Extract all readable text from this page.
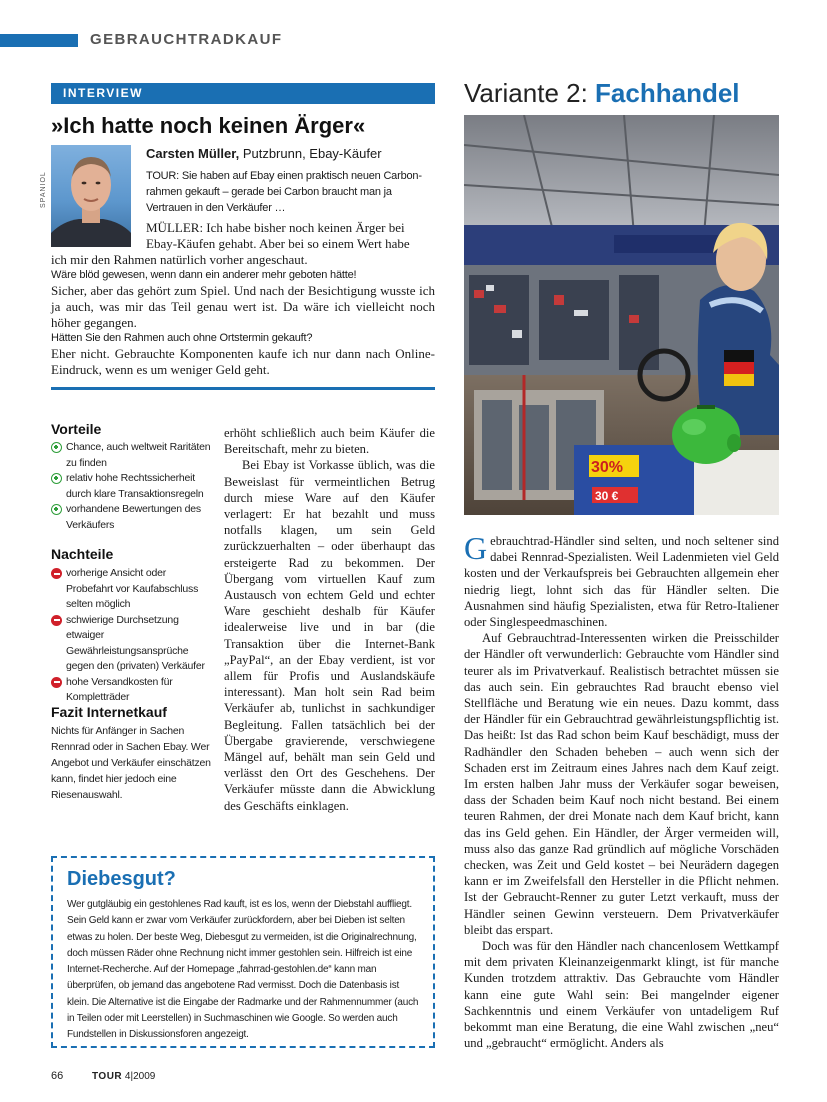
GEBRAUCHTRADKAUF
INTERVIEW
»Ich hatte noch keinen Ärger«
SPANIOL
Carsten Müller, Putzbrunn, Ebay-Käufer
TOUR: Sie haben auf Ebay einen praktisch neuen Carbon-rahmen gekauft – gerade bei Carbon braucht man ja Vertrauen in den Verkäufer …
MÜLLER: Ich habe bisher noch keinen Ärger bei Ebay-Käufen gehabt. Aber bei so einem Wert habe
ich mir den Rahmen natürlich vorher angeschaut.
Wäre blöd gewesen, wenn dann ein anderer mehr geboten hätte!
Sicher, aber das gehört zum Spiel. Und nach der Besichtigung wusste ich ja auch, was mir das Teil genau wert ist. Da wäre ich vielleicht noch höher gegangen.
Hätten Sie den Rahmen auch ohne Ortstermin gekauft?
Eher nicht. Gebrauchte Komponenten kaufe ich nur dann nach Online-Eindruck, wenn es um weniger Geld geht.
Vorteile
Chance, auch weltweit Raritäten zu finden
relativ hohe Rechtssicherheit durch klare Transaktionsregeln
vorhandene Bewertungen des Verkäufers
Nachteile
vorherige Ansicht oder Probefahrt vor Kaufabschluss selten möglich
schwierige Durchsetzung etwaiger Gewährleistungsansprüche gegen den (privaten) Verkäufer
hohe Versandkosten für Kompletträder
Fazit Internetkauf
Nichts für Anfänger in Sachen Rennrad oder in Sachen Ebay. Wer Angebot und Verkäufer einschätzen kann, findet hier jedoch eine Riesenauswahl.

erhöht schließlich auch beim Käufer die Bereitschaft, mehr zu bieten.

Bei Ebay ist Vorkasse üblich, was die Beweislast für vermeintlichen Betrug durch miese Ware auf den Käufer verlagert: Er hat bezahlt und muss notfalls klagen, um sein Geld zurückzuerhalten – oder überhaupt das ersteigerte Rad zu bekommen. Der Übergang vom virtuellen Kauf zum Austausch von echtem Geld und echter Ware geschieht deshalb für Käufer idealerweise live und in bar (die Transaktion über die Internet-Bank „PayPal“, an der Ebay verdient, ist vor allem für Profis und Auslandskäufe interessant). Man holt sein Rad beim Verkäufer ab, tunlichst in sachkundiger Begleitung. Fallen tatsächlich bei der Übergabe gravierende, verschwiegene Mängel auf, behält man sein Geld und verlässt den Ort des Geschehens. Der Verkäufer müsste dann die Abwicklung des Geschäfts einklagen.

Diebesgut?
Wer gutgläubig ein gestohlenes Rad kauft, ist es los, wenn der Diebstahl auffliegt. Sein Geld kann er zwar vom Verkäufer zurückfordern, aber bei Dieben ist selten etwas zu holen. Der beste Weg, Diebesgut zu vermeiden, ist die Originalrechnung, doch müssen Räder ohne Rechnung nicht immer gestohlen sein. Hilfreich ist eine Internet-Recherche. Auf der Homepage „fahrrad-gestohlen.de“ kann man überprüfen, ob jemand das angebotene Rad vermisst. Doch die Datenbasis ist klein. Die Alternative ist die Eingabe der Radmarke und der Rahmennummer (auch in Teilen oder mit Leerstellen) in Suchmaschinen wie Google. So werden auch Fundstellen in Diskussionsforen angezeigt.
Variante 2: Fachhandel
30%
30 €

Gebrauchtrad-Händler sind selten, und noch seltener sind dabei Rennrad-Spezialisten. Weil Ladenmieten viel Geld kosten und der Verkaufspreis bei Gebrauchten allgemein eher niedrig liegt, lohnt sich das für Händler selten. Die Ausnahmen sind häufig Spezialisten, etwa für Retro-Italiener oder Singlespeedmaschinen.

Auf Gebrauchtrad-Interessenten wirken die Preisschilder der Händler oft verwunderlich: Gebrauchte vom Händler sind teurer als im Privatverkauf. Realistisch betrachtet müssen sie das auch sein. Ein gebrauchtes Rad braucht ebenso viel Stellfläche und Beratung wie ein neues. Dazu kommt, dass der Händler für ein Gebrauchtrad gewährleistungspflichtig ist. Das heißt: Ist das Rad schon beim Kauf beschädigt, muss der Radhändler den Schaden beheben – auch wenn sich der Schaden erst im Zeitraum eines Jahres nach dem Kauf zeigt. Im ersten halben Jahr muss der Verkäufer sogar beweisen, dass der Schaden beim Kauf noch nicht bestand. Bei einem teuren Rahmen, der drei Monate nach dem Kauf bricht, kann das ins Geld gehen. Ein Händler, der Ärger vermeiden will, muss also das ganze Rad gründlich auf mögliche Vorschäden checken, was Zeit und Geld kostet – bei Neurädern dagegen kann er im Zweifelsfall den Hersteller in die Pflicht nehmen. Ist der Gebraucht-Renner zu guter Letzt verkauft, muss der Händler seinen Gewinn versteuern. Dem Privatverkäufer bleibt das erspart.

Doch was für den Händler nach chancenlosem Wettkampf mit dem privaten Kleinanzeigenmarkt klingt, ist für manche Kunden trotzdem attraktiv. Das Gebrauchte vom Händler kann eine gute Wahl sein: Bei mangelnder eigener Sachkenntnis und einem Verkäufer von untadeligem Ruf bekommt man eine Beratung, die eine Wahl zwischen „neu“ und „gebraucht“ ermöglicht. Anders als

66	TOUR 4|2009
